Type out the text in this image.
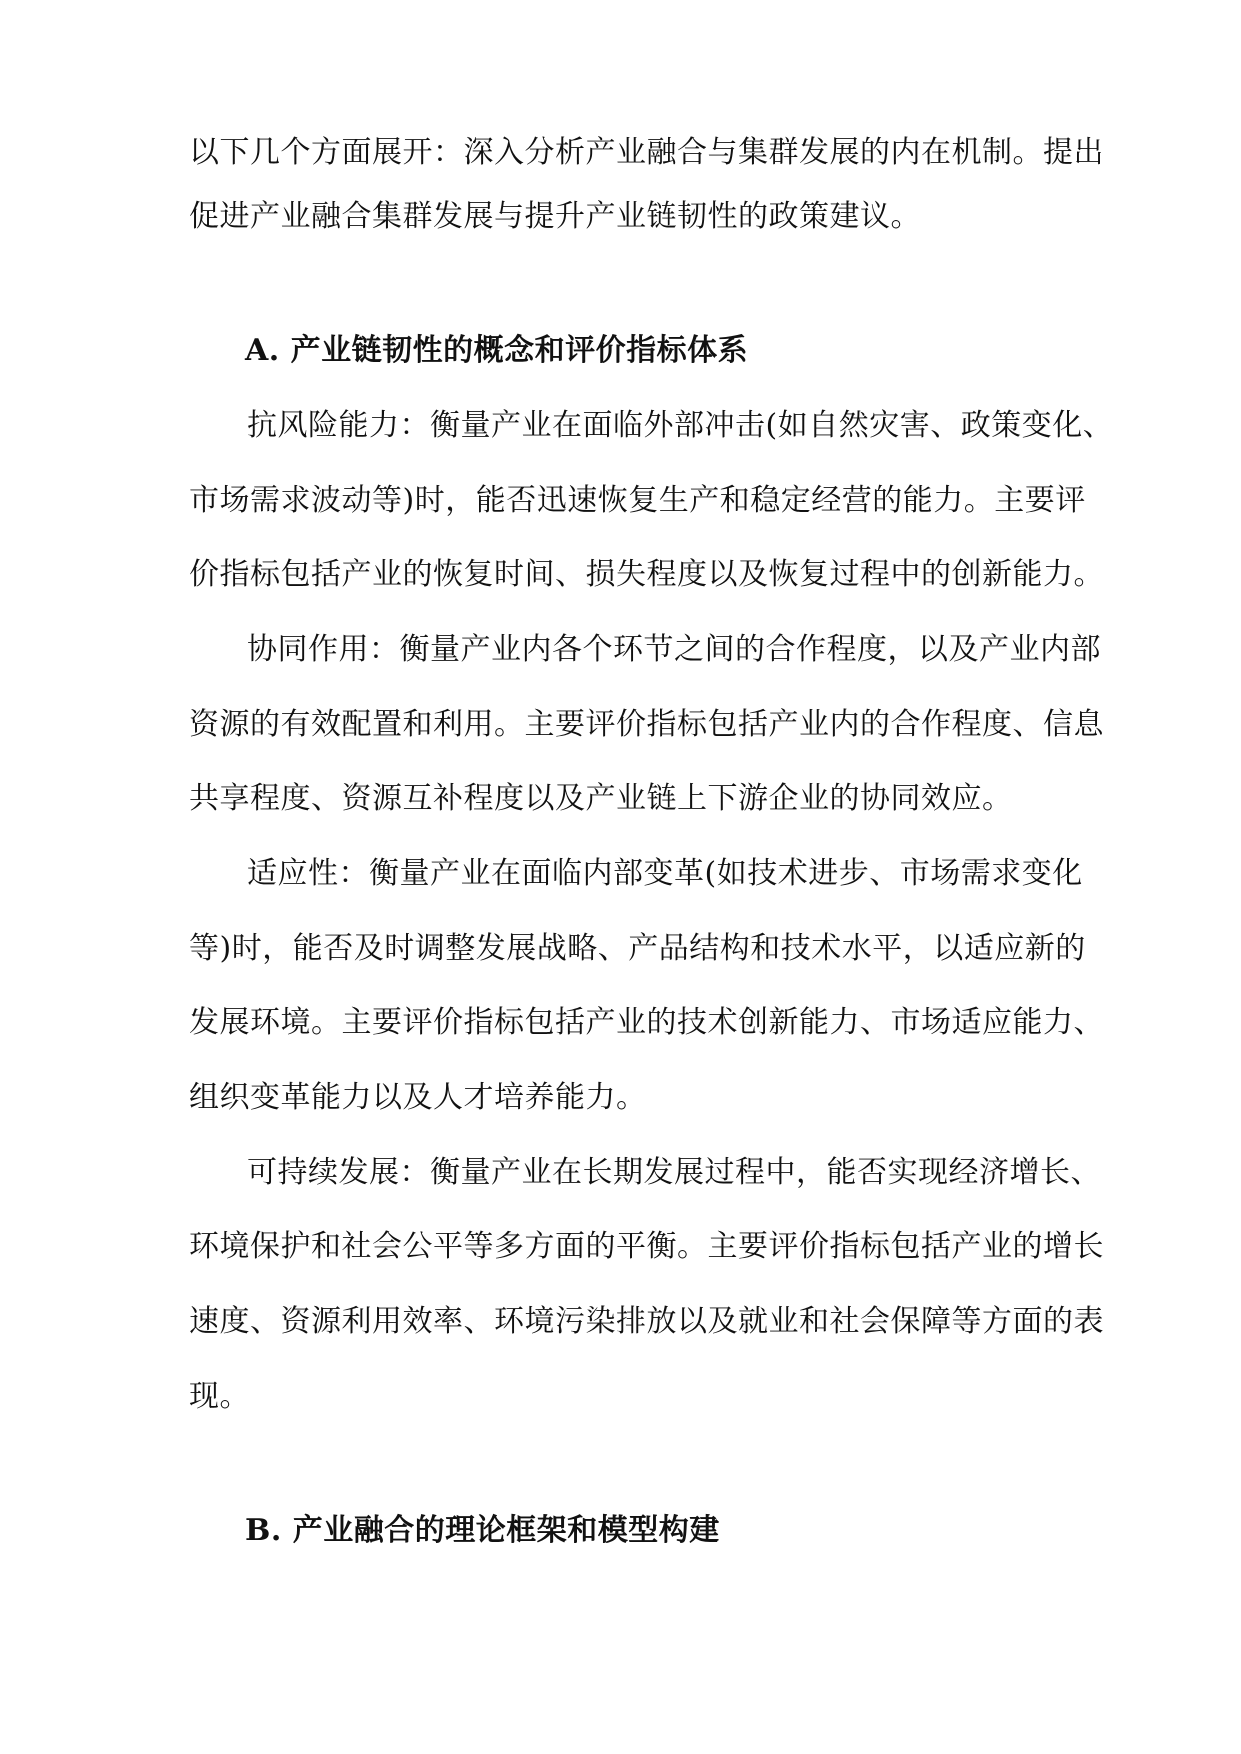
以下几个方面展开：深入分析产业融合与集群发展的内在机制。提出
促进产业融合集群发展与提升产业链韧性的政策建议。
A. 产业链韧性的概念和评价指标体系
抗风险能力：衡量产业在面临外部冲击(如自然灾害、政策变化、
市场需求波动等)时，能否迅速恢复生产和稳定经营的能力。主要评
价指标包括产业的恢复时间、损失程度以及恢复过程中的创新能力。
协同作用：衡量产业内各个环节之间的合作程度，以及产业内部
资源的有效配置和利用。主要评价指标包括产业内的合作程度、信息
共享程度、资源互补程度以及产业链上下游企业的协同效应。
适应性：衡量产业在面临内部变革(如技术进步、市场需求变化
等)时，能否及时调整发展战略、产品结构和技术水平，以适应新的
发展环境。主要评价指标包括产业的技术创新能力、市场适应能力、
组织变革能力以及人才培养能力。
可持续发展：衡量产业在长期发展过程中，能否实现经济增长、
环境保护和社会公平等多方面的平衡。主要评价指标包括产业的增长
速度、资源利用效率、环境污染排放以及就业和社会保障等方面的表
现。
B. 产业融合的理论框架和模型构建
